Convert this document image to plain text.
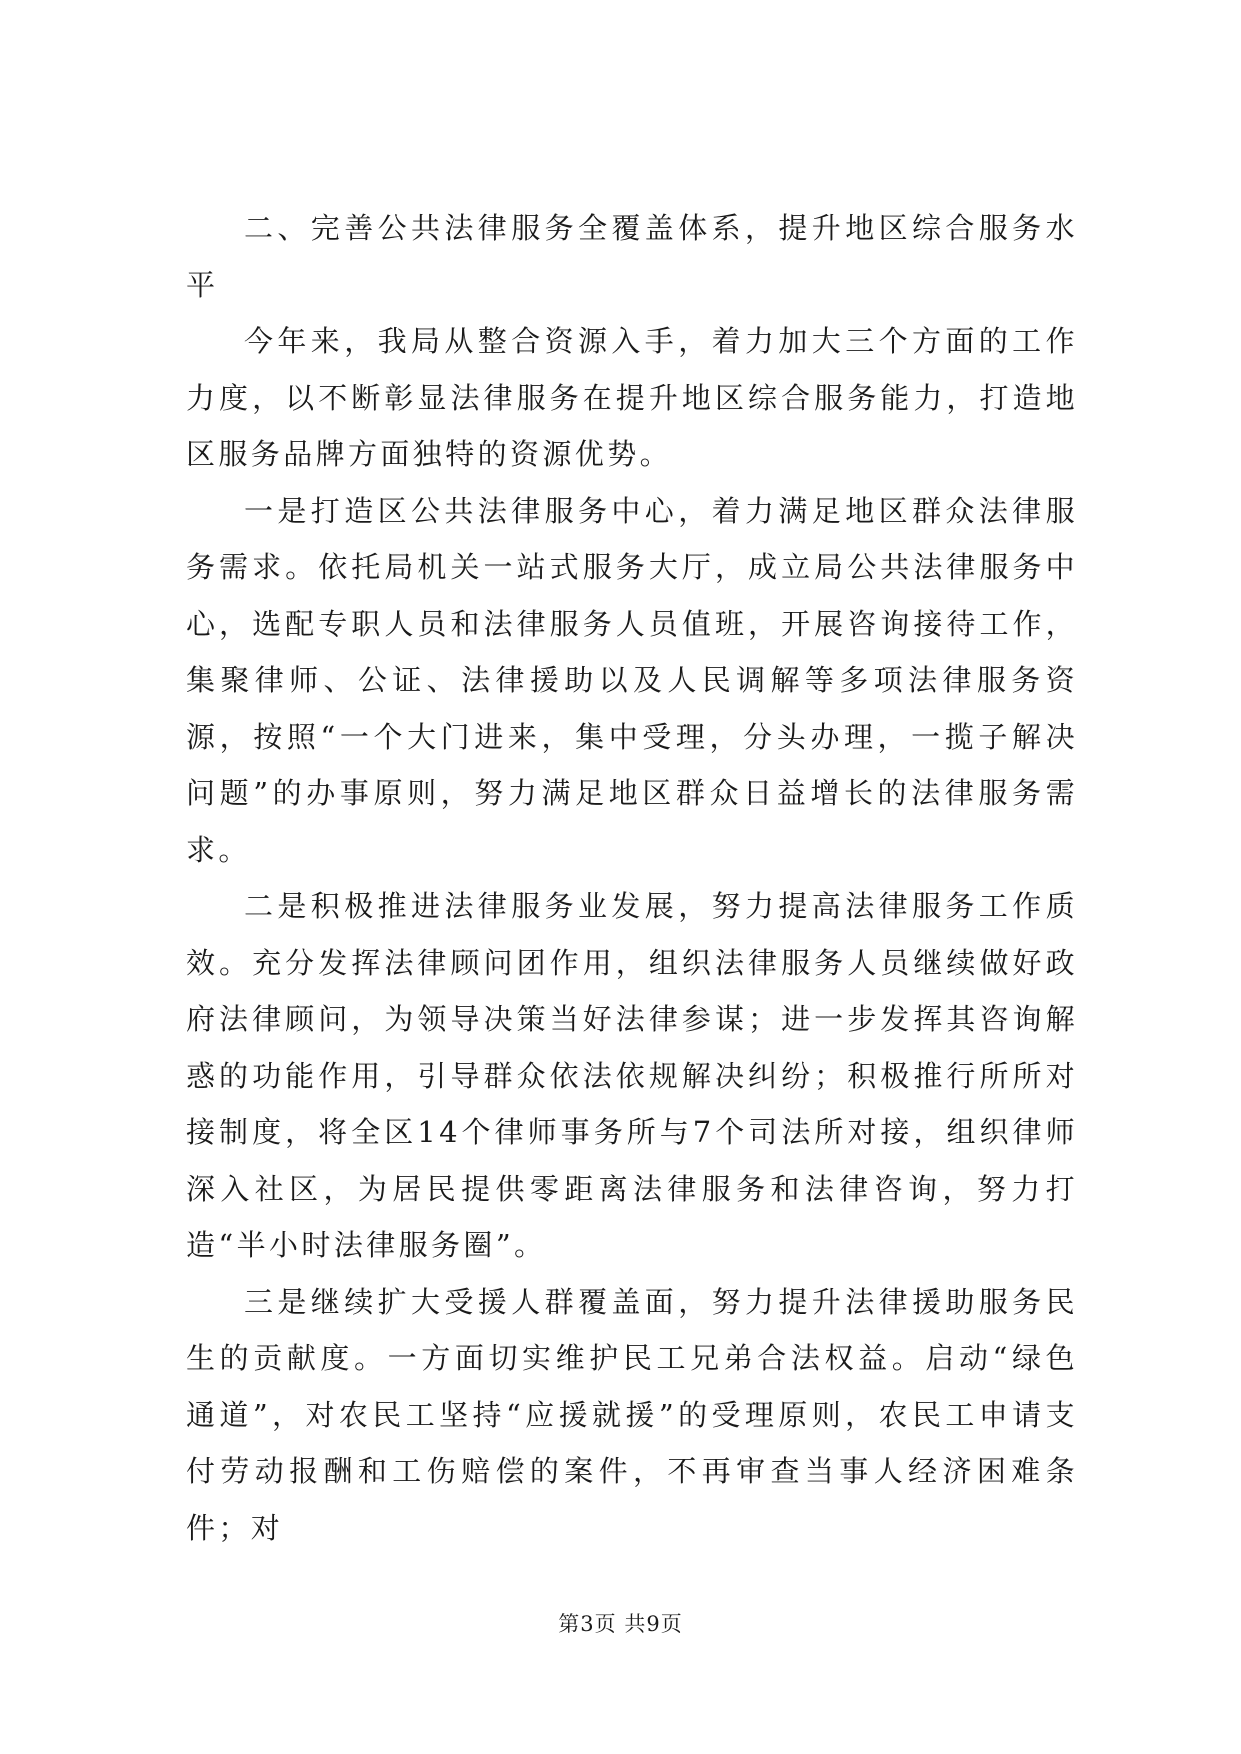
二、完善公共法律服务全覆盖体系，提升地区综合服务水平

今年来，我局从整合资源入手，着力加大三个方面的工作力度，以不断彰显法律服务在提升地区综合服务能力，打造地区服务品牌方面独特的资源优势。

一是打造区公共法律服务中心，着力满足地区群众法律服务需求。依托局机关一站式服务大厅，成立局公共法律服务中心，选配专职人员和法律服务人员值班，开展咨询接待工作，集聚律师、公证、法律援助以及人民调解等多项法律服务资源，按照“一个大门进来，集中受理，分头办理，一揽子解决问题”的办事原则，努力满足地区群众日益增长的法律服务需求。

二是积极推进法律服务业发展，努力提高法律服务工作质效。充分发挥法律顾问团作用，组织法律服务人员继续做好政府法律顾问，为领导决策当好法律参谋；进一步发挥其咨询解惑的功能作用，引导群众依法依规解决纠纷；积极推行所所对接制度，将全区14个律师事务所与7个司法所对接，组织律师深入社区，为居民提供零距离法律服务和法律咨询，努力打造“半小时法律服务圈”。

三是继续扩大受援人群覆盖面，努力提升法律援助服务民生的贡献度。一方面切实维护民工兄弟合法权益。启动“绿色通道”，对农民工坚持“应援就援”的受理原则，农民工申请支付劳动报酬和工伤赔偿的案件，不再审查当事人经济困难条件；对

第3页 共9页
